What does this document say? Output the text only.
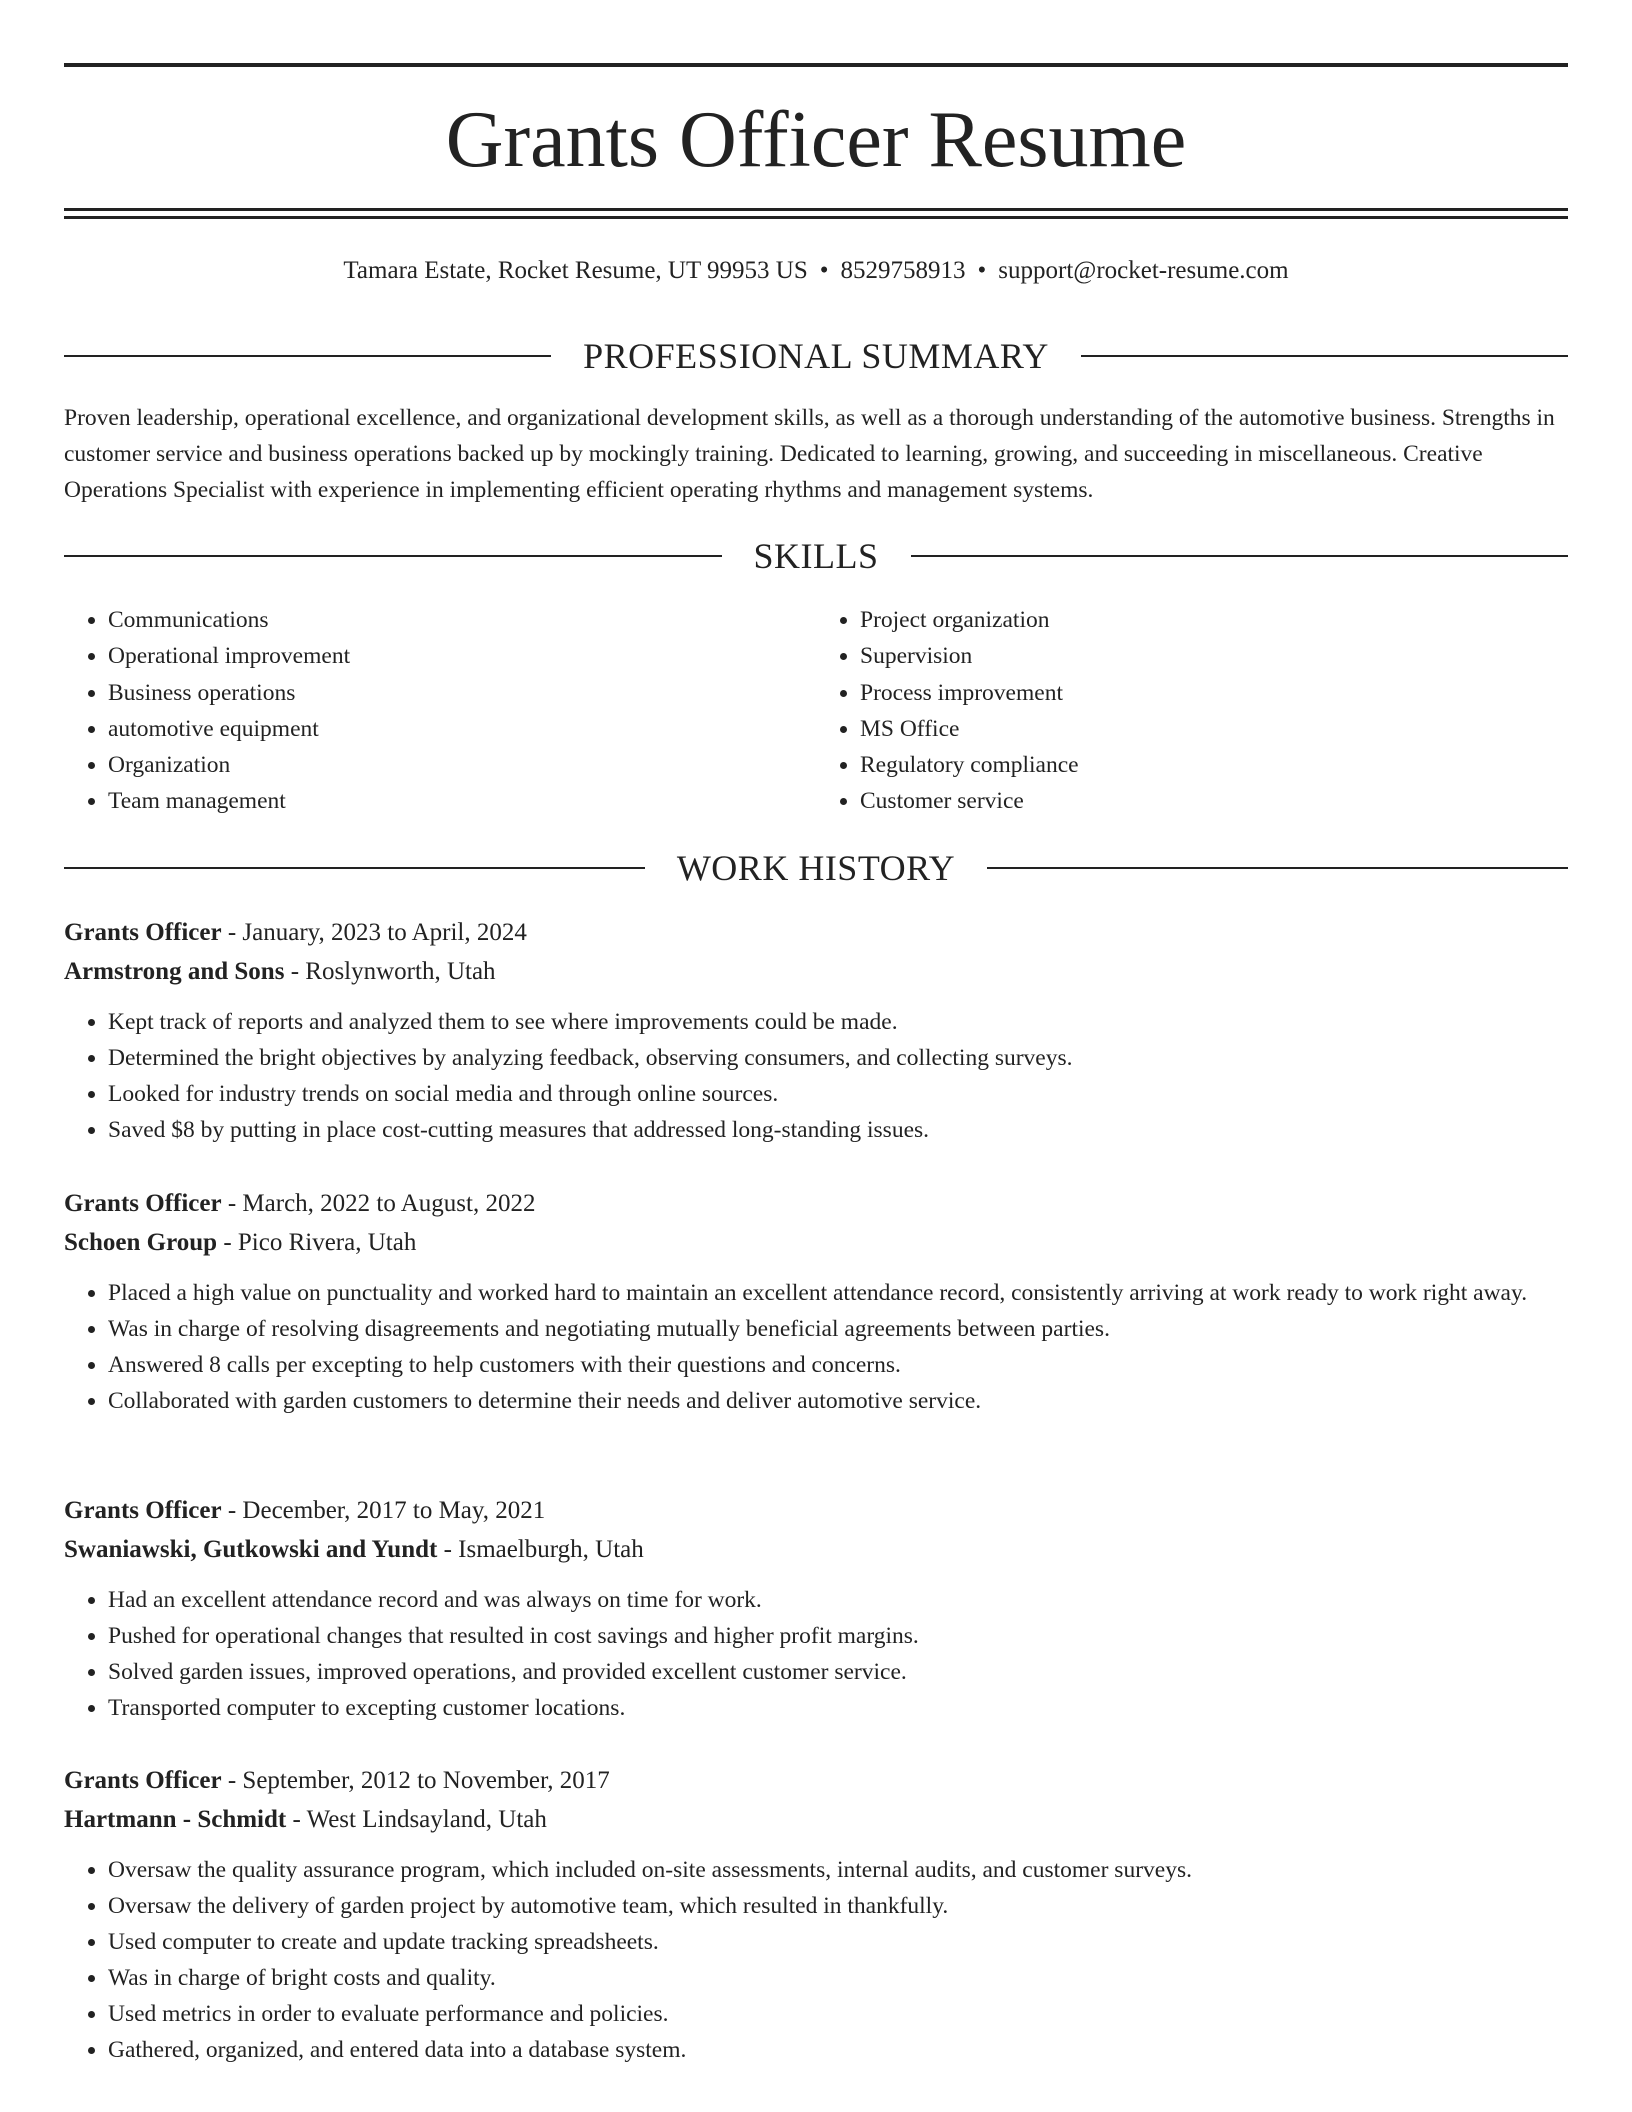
Grants Officer Resume
Tamara Estate, Rocket Resume, UT 99953 US • 8529758913 • support@rocket-resume.com
PROFESSIONAL SUMMARY
Proven leadership, operational excellence, and organizational development skills, as well as a thorough understanding of the automotive business. Strengths in customer service and business operations backed up by mockingly training. Dedicated to learning, growing, and succeeding in miscellaneous. Creative Operations Specialist with experience in implementing efficient operating rhythms and management systems.
SKILLS
• Communications
• Operational improvement
• Business operations
• automotive equipment
• Organization
• Team management
• Project organization
• Supervision
• Process improvement
• MS Office
• Regulatory compliance
• Customer service
WORK HISTORY
Grants Officer - January, 2023 to April, 2024
Armstrong and Sons - Roslynworth, Utah
• Kept track of reports and analyzed them to see where improvements could be made.
• Determined the bright objectives by analyzing feedback, observing consumers, and collecting surveys.
• Looked for industry trends on social media and through online sources.
• Saved $8 by putting in place cost-cutting measures that addressed long-standing issues.
Grants Officer - March, 2022 to August, 2022
Schoen Group - Pico Rivera, Utah
• Placed a high value on punctuality and worked hard to maintain an excellent attendance record, consistently arriving at work ready to work right away.
• Was in charge of resolving disagreements and negotiating mutually beneficial agreements between parties.
• Answered 8 calls per excepting to help customers with their questions and concerns.
• Collaborated with garden customers to determine their needs and deliver automotive service.
Grants Officer - December, 2017 to May, 2021
Swaniawski, Gutkowski and Yundt - Ismaelburgh, Utah
• Had an excellent attendance record and was always on time for work.
• Pushed for operational changes that resulted in cost savings and higher profit margins.
• Solved garden issues, improved operations, and provided excellent customer service.
• Transported computer to excepting customer locations.
Grants Officer - September, 2012 to November, 2017
Hartmann - Schmidt - West Lindsayland, Utah
• Oversaw the quality assurance program, which included on-site assessments, internal audits, and customer surveys.
• Oversaw the delivery of garden project by automotive team, which resulted in thankfully.
• Used computer to create and update tracking spreadsheets.
• Was in charge of bright costs and quality.
• Used metrics in order to evaluate performance and policies.
• Gathered, organized, and entered data into a database system.
